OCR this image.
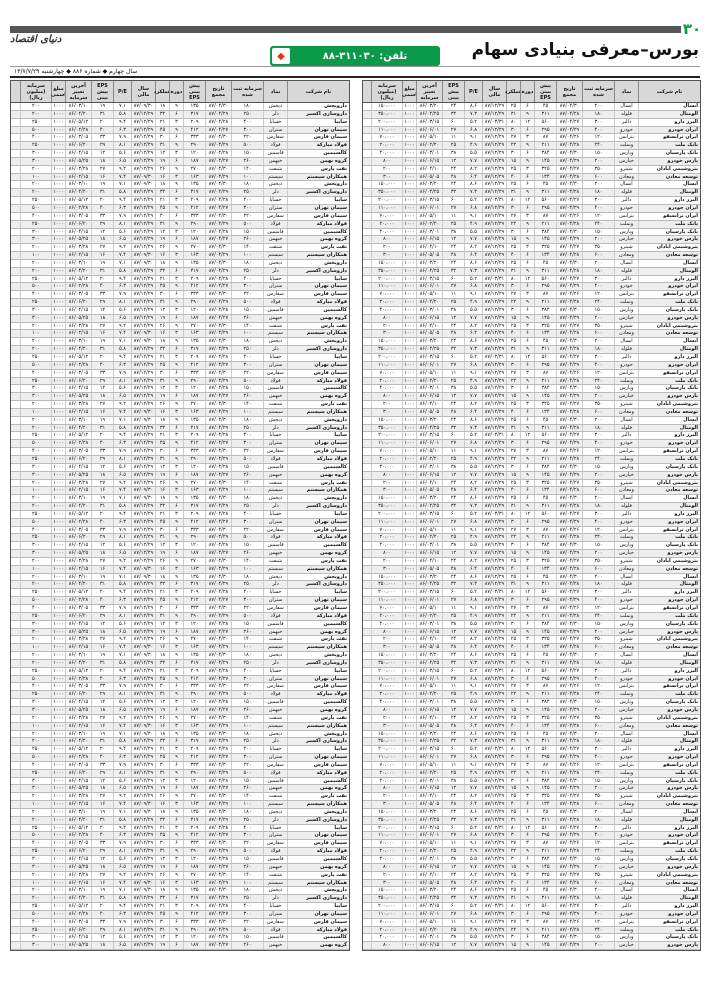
۳۰
دنیای اقتصاد
بورس–معرفی بنیادی سهام
◆	تلفن: ۳۱۱۰۳۰-۸۸
سال چهارم ◆ شماره ۸۸۶ ◆ چهارشنبه ۱۳/۷/۷/۲۹
نام شرکت
نماد
سرمایه ثبت شده
تاریخ مجمع
پیش بینی EPS
دوره
عملکرد
سال مالی
P/E
EPS پیش بینی
آخرین تغییر سرمایه
مبلغ اسمی
سرمایه (میلیون ریال)
آبسال
آبسال
۲۰۰
۸۷/۰۴/۳۰
۴۵
۶
۲۵
۸۷/۱۲/۲۹
۸.۶
۲۴
۸۶/۰۳/۲۰
۱۰۰۰
۱۵۰،۰۰۰
آلومتال
فلوله
۱۸۰
۸۷/۰۴/۲۸
۳۱۱
۹
۳۱
۸۷/۱۲/۲۹
۷.۳
۳۲
۸۶/۰۴/۲۵
۱۰۰۰
۳۵۰،۰۰۰
البرز دارو
دالبر
۳۰۰
۸۷/۰۴/۲۷
۵۶۰
۱۲
۸۰
۸۷/۰۳/۳۱
۵.۲
۶۰
۸۶/۰۳/۱۵
۱۰۰۰
۲۰۰،۰۰۰
ایران خودرو
خودرو
۴۰۰
۸۷/۰۴/۲۹
۲۹۵
۶
۳۰
۸۷/۱۲/۲۹
۶.۸
۲۷
۸۶/۰۶/۰۱
۱۰۰۰
۱۱۰،۰۰۰
ایران ترانسفو
بترانس
۱۲۰
۸۷/۰۴/۲۶
۸۷
۳
۲۷
۸۷/۱۲/۲۹
۹.۱
۱۱
۸۶/۰۵/۱۰
۱۰۰۰
۷۰،۰۰۰
بانک ملت
وبملت
۲۴۰
۸۷/۰۴/۲۸
۲۱۱
۹
۲۲
۸۷/۱۲/۲۹
۴.۹
۲۵
۸۶/۰۲/۲۰
۱۰۰۰
۲۰،۰۰۰
بانک پارسیان
وپارس
۱۵۰
۸۷/۰۴/۳۰
۳۸۴
۶
۳۰
۸۷/۱۲/۲۹
۵.۵
۳۸
۸۶/۰۳/۰۱
۱۰۰۰
۴۰،۰۰۰
پارس خودرو
خپارس
۲۰۰
۸۷/۰۴/۲۹
۱۴۵
۹
۱۵
۸۷/۱۲/۲۹
۷.۷
۱۲
۸۶/۰۶/۱۵
۱۰۰۰
۸۰۰
پتروشیمی آبادان
شپترو
۳۵۰
۸۷/۰۴/۲۷
۳۲۵
۳
۲۵
۸۷/۱۲/۲۹
۸.۲
۲۴
۸۶/۰۴/۱۰
۱۰۰۰
۲۰۰
توسعه معادن
ومعادن
۶۰۰
۸۷/۰۴/۲۸
۱۳۴
۶
۴۰
۸۷/۱۲/۲۹
۶.۴
۴۸
۸۶/۰۵/۰۵
۱۰۰۰
۳۰۰
آبسال
آبسال
۲۰۰
۸۷/۰۴/۳۰
۴۵
۶
۲۵
۸۷/۱۲/۲۹
۸.۶
۲۴
۸۶/۰۳/۲۰
۱۰۰۰
۱۵۰،۰۰۰
آلومتال
فلوله
۱۸۰
۸۷/۰۴/۲۸
۳۱۱
۹
۳۱
۸۷/۱۲/۲۹
۷.۳
۳۲
۸۶/۰۴/۲۵
۱۰۰۰
۳۵۰،۰۰۰
البرز دارو
دالبر
۳۰۰
۸۷/۰۴/۲۷
۵۶۰
۱۲
۸۰
۸۷/۰۳/۳۱
۵.۲
۶۰
۸۶/۰۳/۱۵
۱۰۰۰
۲۰۰،۰۰۰
ایران خودرو
خودرو
۴۰۰
۸۷/۰۴/۲۹
۲۹۵
۶
۳۰
۸۷/۱۲/۲۹
۶.۸
۲۷
۸۶/۰۶/۰۱
۱۰۰۰
۱۱۰،۰۰۰
ایران ترانسفو
بترانس
۱۲۰
۸۷/۰۴/۲۶
۸۷
۳
۲۷
۸۷/۱۲/۲۹
۹.۱
۱۱
۸۶/۰۵/۱۰
۱۰۰۰
۷۰،۰۰۰
بانک ملت
وبملت
۲۴۰
۸۷/۰۴/۲۸
۲۱۱
۹
۲۲
۸۷/۱۲/۲۹
۴.۹
۲۵
۸۶/۰۲/۲۰
۱۰۰۰
۲۰،۰۰۰
بانک پارسیان
وپارس
۱۵۰
۸۷/۰۴/۳۰
۳۸۴
۶
۳۰
۸۷/۱۲/۲۹
۵.۵
۳۸
۸۶/۰۳/۰۱
۱۰۰۰
۴۰،۰۰۰
پارس خودرو
خپارس
۲۰۰
۸۷/۰۴/۲۹
۱۴۵
۹
۱۵
۸۷/۱۲/۲۹
۷.۷
۱۲
۸۶/۰۶/۱۵
۱۰۰۰
۸۰۰
پتروشیمی آبادان
شپترو
۳۵۰
۸۷/۰۴/۲۷
۳۲۵
۳
۲۵
۸۷/۱۲/۲۹
۸.۲
۲۴
۸۶/۰۴/۱۰
۱۰۰۰
۲۰۰
توسعه معادن
ومعادن
۶۰۰
۸۷/۰۴/۲۸
۱۳۴
۶
۴۰
۸۷/۱۲/۲۹
۶.۴
۴۸
۸۶/۰۵/۰۵
۱۰۰۰
۳۰۰
آبسال
آبسال
۲۰۰
۸۷/۰۴/۳۰
۴۵
۶
۲۵
۸۷/۱۲/۲۹
۸.۶
۲۴
۸۶/۰۳/۲۰
۱۰۰۰
۱۵۰،۰۰۰
آلومتال
فلوله
۱۸۰
۸۷/۰۴/۲۸
۳۱۱
۹
۳۱
۸۷/۱۲/۲۹
۷.۳
۳۲
۸۶/۰۴/۲۵
۱۰۰۰
۳۵۰،۰۰۰
البرز دارو
دالبر
۳۰۰
۸۷/۰۴/۲۷
۵۶۰
۱۲
۸۰
۸۷/۰۳/۳۱
۵.۲
۶۰
۸۶/۰۳/۱۵
۱۰۰۰
۲۰۰،۰۰۰
ایران خودرو
خودرو
۴۰۰
۸۷/۰۴/۲۹
۲۹۵
۶
۳۰
۸۷/۱۲/۲۹
۶.۸
۲۷
۸۶/۰۶/۰۱
۱۰۰۰
۱۱۰،۰۰۰
ایران ترانسفو
بترانس
۱۲۰
۸۷/۰۴/۲۶
۸۷
۳
۲۷
۸۷/۱۲/۲۹
۹.۱
۱۱
۸۶/۰۵/۱۰
۱۰۰۰
۷۰،۰۰۰
بانک ملت
وبملت
۲۴۰
۸۷/۰۴/۲۸
۲۱۱
۹
۲۲
۸۷/۱۲/۲۹
۴.۹
۲۵
۸۶/۰۲/۲۰
۱۰۰۰
۲۰،۰۰۰
بانک پارسیان
وپارس
۱۵۰
۸۷/۰۴/۳۰
۳۸۴
۶
۳۰
۸۷/۱۲/۲۹
۵.۵
۳۸
۸۶/۰۳/۰۱
۱۰۰۰
۴۰،۰۰۰
پارس خودرو
خپارس
۲۰۰
۸۷/۰۴/۲۹
۱۴۵
۹
۱۵
۸۷/۱۲/۲۹
۷.۷
۱۲
۸۶/۰۶/۱۵
۱۰۰۰
۸۰۰
پتروشیمی آبادان
شپترو
۳۵۰
۸۷/۰۴/۲۷
۳۲۵
۳
۲۵
۸۷/۱۲/۲۹
۸.۲
۲۴
۸۶/۰۴/۱۰
۱۰۰۰
۲۰۰
توسعه معادن
ومعادن
۶۰۰
۸۷/۰۴/۲۸
۱۳۴
۶
۴۰
۸۷/۱۲/۲۹
۶.۴
۴۸
۸۶/۰۵/۰۵
۱۰۰۰
۳۰۰
آبسال
آبسال
۲۰۰
۸۷/۰۴/۳۰
۴۵
۶
۲۵
۸۷/۱۲/۲۹
۸.۶
۲۴
۸۶/۰۳/۲۰
۱۰۰۰
۱۵۰،۰۰۰
آلومتال
فلوله
۱۸۰
۸۷/۰۴/۲۸
۳۱۱
۹
۳۱
۸۷/۱۲/۲۹
۷.۳
۳۲
۸۶/۰۴/۲۵
۱۰۰۰
۳۵۰،۰۰۰
البرز دارو
دالبر
۳۰۰
۸۷/۰۴/۲۷
۵۶۰
۱۲
۸۰
۸۷/۰۳/۳۱
۵.۲
۶۰
۸۶/۰۳/۱۵
۱۰۰۰
۲۰۰،۰۰۰
ایران خودرو
خودرو
۴۰۰
۸۷/۰۴/۲۹
۲۹۵
۶
۳۰
۸۷/۱۲/۲۹
۶.۸
۲۷
۸۶/۰۶/۰۱
۱۰۰۰
۱۱۰،۰۰۰
ایران ترانسفو
بترانس
۱۲۰
۸۷/۰۴/۲۶
۸۷
۳
۲۷
۸۷/۱۲/۲۹
۹.۱
۱۱
۸۶/۰۵/۱۰
۱۰۰۰
۷۰،۰۰۰
بانک ملت
وبملت
۲۴۰
۸۷/۰۴/۲۸
۲۱۱
۹
۲۲
۸۷/۱۲/۲۹
۴.۹
۲۵
۸۶/۰۲/۲۰
۱۰۰۰
۲۰،۰۰۰
بانک پارسیان
وپارس
۱۵۰
۸۷/۰۴/۳۰
۳۸۴
۶
۳۰
۸۷/۱۲/۲۹
۵.۵
۳۸
۸۶/۰۳/۰۱
۱۰۰۰
۴۰،۰۰۰
پارس خودرو
خپارس
۲۰۰
۸۷/۰۴/۲۹
۱۴۵
۹
۱۵
۸۷/۱۲/۲۹
۷.۷
۱۲
۸۶/۰۶/۱۵
۱۰۰۰
۸۰۰
پتروشیمی آبادان
شپترو
۳۵۰
۸۷/۰۴/۲۷
۳۲۵
۳
۲۵
۸۷/۱۲/۲۹
۸.۲
۲۴
۸۶/۰۴/۱۰
۱۰۰۰
۲۰۰
توسعه معادن
ومعادن
۶۰۰
۸۷/۰۴/۲۸
۱۳۴
۶
۴۰
۸۷/۱۲/۲۹
۶.۴
۴۸
۸۶/۰۵/۰۵
۱۰۰۰
۳۰۰
آبسال
آبسال
۲۰۰
۸۷/۰۴/۳۰
۴۵
۶
۲۵
۸۷/۱۲/۲۹
۸.۶
۲۴
۸۶/۰۳/۲۰
۱۰۰۰
۱۵۰،۰۰۰
آلومتال
فلوله
۱۸۰
۸۷/۰۴/۲۸
۳۱۱
۹
۳۱
۸۷/۱۲/۲۹
۷.۳
۳۲
۸۶/۰۴/۲۵
۱۰۰۰
۳۵۰،۰۰۰
البرز دارو
دالبر
۳۰۰
۸۷/۰۴/۲۷
۵۶۰
۱۲
۸۰
۸۷/۰۳/۳۱
۵.۲
۶۰
۸۶/۰۳/۱۵
۱۰۰۰
۲۰۰،۰۰۰
ایران خودرو
خودرو
۴۰۰
۸۷/۰۴/۲۹
۲۹۵
۶
۳۰
۸۷/۱۲/۲۹
۶.۸
۲۷
۸۶/۰۶/۰۱
۱۰۰۰
۱۱۰،۰۰۰
ایران ترانسفو
بترانس
۱۲۰
۸۷/۰۴/۲۶
۸۷
۳
۲۷
۸۷/۱۲/۲۹
۹.۱
۱۱
۸۶/۰۵/۱۰
۱۰۰۰
۷۰،۰۰۰
بانک ملت
وبملت
۲۴۰
۸۷/۰۴/۲۸
۲۱۱
۹
۲۲
۸۷/۱۲/۲۹
۴.۹
۲۵
۸۶/۰۲/۲۰
۱۰۰۰
۲۰،۰۰۰
بانک پارسیان
وپارس
۱۵۰
۸۷/۰۴/۳۰
۳۸۴
۶
۳۰
۸۷/۱۲/۲۹
۵.۵
۳۸
۸۶/۰۳/۰۱
۱۰۰۰
۴۰،۰۰۰
پارس خودرو
خپارس
۲۰۰
۸۷/۰۴/۲۹
۱۴۵
۹
۱۵
۸۷/۱۲/۲۹
۷.۷
۱۲
۸۶/۰۶/۱۵
۱۰۰۰
۸۰۰
پتروشیمی آبادان
شپترو
۳۵۰
۸۷/۰۴/۲۷
۳۲۵
۳
۲۵
۸۷/۱۲/۲۹
۸.۲
۲۴
۸۶/۰۴/۱۰
۱۰۰۰
۲۰۰
توسعه معادن
ومعادن
۶۰۰
۸۷/۰۴/۲۸
۱۳۴
۶
۴۰
۸۷/۱۲/۲۹
۶.۴
۴۸
۸۶/۰۵/۰۵
۱۰۰۰
۳۰۰
آبسال
آبسال
۲۰۰
۸۷/۰۴/۳۰
۴۵
۶
۲۵
۸۷/۱۲/۲۹
۸.۶
۲۴
۸۶/۰۳/۲۰
۱۰۰۰
۱۵۰،۰۰۰
آلومتال
فلوله
۱۸۰
۸۷/۰۴/۲۸
۳۱۱
۹
۳۱
۸۷/۱۲/۲۹
۷.۳
۳۲
۸۶/۰۴/۲۵
۱۰۰۰
۳۵۰،۰۰۰
البرز دارو
دالبر
۳۰۰
۸۷/۰۴/۲۷
۵۶۰
۱۲
۸۰
۸۷/۰۳/۳۱
۵.۲
۶۰
۸۶/۰۳/۱۵
۱۰۰۰
۲۰۰،۰۰۰
ایران خودرو
خودرو
۴۰۰
۸۷/۰۴/۲۹
۲۹۵
۶
۳۰
۸۷/۱۲/۲۹
۶.۸
۲۷
۸۶/۰۶/۰۱
۱۰۰۰
۱۱۰،۰۰۰
ایران ترانسفو
بترانس
۱۲۰
۸۷/۰۴/۲۶
۸۷
۳
۲۷
۸۷/۱۲/۲۹
۹.۱
۱۱
۸۶/۰۵/۱۰
۱۰۰۰
۷۰،۰۰۰
بانک ملت
وبملت
۲۴۰
۸۷/۰۴/۲۸
۲۱۱
۹
۲۲
۸۷/۱۲/۲۹
۴.۹
۲۵
۸۶/۰۲/۲۰
۱۰۰۰
۲۰،۰۰۰
بانک پارسیان
وپارس
۱۵۰
۸۷/۰۴/۳۰
۳۸۴
۶
۳۰
۸۷/۱۲/۲۹
۵.۵
۳۸
۸۶/۰۳/۰۱
۱۰۰۰
۴۰،۰۰۰
پارس خودرو
خپارس
۲۰۰
۸۷/۰۴/۲۹
۱۴۵
۹
۱۵
۸۷/۱۲/۲۹
۷.۷
۱۲
۸۶/۰۶/۱۵
۱۰۰۰
۸۰۰
پتروشیمی آبادان
شپترو
۳۵۰
۸۷/۰۴/۲۷
۳۲۵
۳
۲۵
۸۷/۱۲/۲۹
۸.۲
۲۴
۸۶/۰۴/۱۰
۱۰۰۰
۲۰۰
توسعه معادن
ومعادن
۶۰۰
۸۷/۰۴/۲۸
۱۳۴
۶
۴۰
۸۷/۱۲/۲۹
۶.۴
۴۸
۸۶/۰۵/۰۵
۱۰۰۰
۳۰۰
آبسال
آبسال
۲۰۰
۸۷/۰۴/۳۰
۴۵
۶
۲۵
۸۷/۱۲/۲۹
۸.۶
۲۴
۸۶/۰۳/۲۰
۱۰۰۰
۱۵۰،۰۰۰
آلومتال
فلوله
۱۸۰
۸۷/۰۴/۲۸
۳۱۱
۹
۳۱
۸۷/۱۲/۲۹
۷.۳
۳۲
۸۶/۰۴/۲۵
۱۰۰۰
۳۵۰،۰۰۰
البرز دارو
دالبر
۳۰۰
۸۷/۰۴/۲۷
۵۶۰
۱۲
۸۰
۸۷/۰۳/۳۱
۵.۲
۶۰
۸۶/۰۳/۱۵
۱۰۰۰
۲۰۰،۰۰۰
ایران خودرو
خودرو
۴۰۰
۸۷/۰۴/۲۹
۲۹۵
۶
۳۰
۸۷/۱۲/۲۹
۶.۸
۲۷
۸۶/۰۶/۰۱
۱۰۰۰
۱۱۰،۰۰۰
ایران ترانسفو
بترانس
۱۲۰
۸۷/۰۴/۲۶
۸۷
۳
۲۷
۸۷/۱۲/۲۹
۹.۱
۱۱
۸۶/۰۵/۱۰
۱۰۰۰
۷۰،۰۰۰
بانک ملت
وبملت
۲۴۰
۸۷/۰۴/۲۸
۲۱۱
۹
۲۲
۸۷/۱۲/۲۹
۴.۹
۲۵
۸۶/۰۲/۲۰
۱۰۰۰
۲۰،۰۰۰
بانک پارسیان
وپارس
۱۵۰
۸۷/۰۴/۳۰
۳۸۴
۶
۳۰
۸۷/۱۲/۲۹
۵.۵
۳۸
۸۶/۰۳/۰۱
۱۰۰۰
۴۰،۰۰۰
پارس خودرو
خپارس
۲۰۰
۸۷/۰۴/۲۹
۱۴۵
۹
۱۵
۸۷/۱۲/۲۹
۷.۷
۱۲
۸۶/۰۶/۱۵
۱۰۰۰
۸۰۰
پتروشیمی آبادان
شپترو
۳۵۰
۸۷/۰۴/۲۷
۳۲۵
۳
۲۵
۸۷/۱۲/۲۹
۸.۲
۲۴
۸۶/۰۴/۱۰
۱۰۰۰
۲۰۰
توسعه معادن
ومعادن
۶۰۰
۸۷/۰۴/۲۸
۱۳۴
۶
۴۰
۸۷/۱۲/۲۹
۶.۴
۴۸
۸۶/۰۵/۰۵
۱۰۰۰
۳۰۰
آبسال
آبسال
۲۰۰
۸۷/۰۴/۳۰
۴۵
۶
۲۵
۸۷/۱۲/۲۹
۸.۶
۲۴
۸۶/۰۳/۲۰
۱۰۰۰
۱۵۰،۰۰۰
آلومتال
فلوله
۱۸۰
۸۷/۰۴/۲۸
۳۱۱
۹
۳۱
۸۷/۱۲/۲۹
۷.۳
۳۲
۸۶/۰۴/۲۵
۱۰۰۰
۳۵۰،۰۰۰
البرز دارو
دالبر
۳۰۰
۸۷/۰۴/۲۷
۵۶۰
۱۲
۸۰
۸۷/۰۳/۳۱
۵.۲
۶۰
۸۶/۰۳/۱۵
۱۰۰۰
۲۰۰،۰۰۰
ایران خودرو
خودرو
۴۰۰
۸۷/۰۴/۲۹
۲۹۵
۶
۳۰
۸۷/۱۲/۲۹
۶.۸
۲۷
۸۶/۰۶/۰۱
۱۰۰۰
۱۱۰،۰۰۰
ایران ترانسفو
بترانس
۱۲۰
۸۷/۰۴/۲۶
۸۷
۳
۲۷
۸۷/۱۲/۲۹
۹.۱
۱۱
۸۶/۰۵/۱۰
۱۰۰۰
۷۰،۰۰۰
بانک ملت
وبملت
۲۴۰
۸۷/۰۴/۲۸
۲۱۱
۹
۲۲
۸۷/۱۲/۲۹
۴.۹
۲۵
۸۶/۰۲/۲۰
۱۰۰۰
۲۰،۰۰۰
بانک پارسیان
وپارس
۱۵۰
۸۷/۰۴/۳۰
۳۸۴
۶
۳۰
۸۷/۱۲/۲۹
۵.۵
۳۸
۸۶/۰۳/۰۱
۱۰۰۰
۴۰،۰۰۰
پارس خودرو
خپارس
۲۰۰
۸۷/۰۴/۲۹
۱۴۵
۹
۱۵
۸۷/۱۲/۲۹
۷.۷
۱۲
۸۶/۰۶/۱۵
۱۰۰۰
۸۰۰
پتروشیمی آبادان
شپترو
۳۵۰
۸۷/۰۴/۲۷
۳۲۵
۳
۲۵
۸۷/۱۲/۲۹
۸.۲
۲۴
۸۶/۰۴/۱۰
۱۰۰۰
۲۰۰
توسعه معادن
ومعادن
۶۰۰
۸۷/۰۴/۲۸
۱۳۴
۶
۴۰
۸۷/۱۲/۲۹
۶.۴
۴۸
۸۶/۰۵/۰۵
۱۰۰۰
۳۰۰
آبسال
آبسال
۲۰۰
۸۷/۰۴/۳۰
۴۵
۶
۲۵
۸۷/۱۲/۲۹
۸.۶
۲۴
۸۶/۰۳/۲۰
۱۰۰۰
۱۵۰،۰۰۰
آلومتال
فلوله
۱۸۰
۸۷/۰۴/۲۸
۳۱۱
۹
۳۱
۸۷/۱۲/۲۹
۷.۳
۳۲
۸۶/۰۴/۲۵
۱۰۰۰
۳۵۰،۰۰۰
البرز دارو
دالبر
۳۰۰
۸۷/۰۴/۲۷
۵۶۰
۱۲
۸۰
۸۷/۰۳/۳۱
۵.۲
۶۰
۸۶/۰۳/۱۵
۱۰۰۰
۲۰۰،۰۰۰
ایران خودرو
خودرو
۴۰۰
۸۷/۰۴/۲۹
۲۹۵
۶
۳۰
۸۷/۱۲/۲۹
۶.۸
۲۷
۸۶/۰۶/۰۱
۱۰۰۰
۱۱۰،۰۰۰
ایران ترانسفو
بترانس
۱۲۰
۸۷/۰۴/۲۶
۸۷
۳
۲۷
۸۷/۱۲/۲۹
۹.۱
۱۱
۸۶/۰۵/۱۰
۱۰۰۰
۷۰،۰۰۰
بانک ملت
وبملت
۲۴۰
۸۷/۰۴/۲۸
۲۱۱
۹
۲۲
۸۷/۱۲/۲۹
۴.۹
۲۵
۸۶/۰۲/۲۰
۱۰۰۰
۲۰،۰۰۰
بانک پارسیان
وپارس
۱۵۰
۸۷/۰۴/۳۰
۳۸۴
۶
۳۰
۸۷/۱۲/۲۹
۵.۵
۳۸
۸۶/۰۳/۰۱
۱۰۰۰
۴۰،۰۰۰
پارس خودرو
خپارس
۲۰۰
۸۷/۰۴/۲۹
۱۴۵
۹
۱۵
۸۷/۱۲/۲۹
۷.۷
۱۲
۸۶/۰۶/۱۵
۱۰۰۰
۸۰۰
پتروشیمی آبادان
شپترو
۳۵۰
۸۷/۰۴/۲۷
۳۲۵
۳
۲۵
۸۷/۱۲/۲۹
۸.۲
۲۴
۸۶/۰۴/۱۰
۱۰۰۰
۲۰۰
توسعه معادن
ومعادن
۶۰۰
۸۷/۰۴/۲۸
۱۳۴
۶
۴۰
۸۷/۱۲/۲۹
۶.۴
۴۸
۸۶/۰۵/۰۵
۱۰۰۰
۳۰۰
آبسال
آبسال
۲۰۰
۸۷/۰۴/۳۰
۴۵
۶
۲۵
۸۷/۱۲/۲۹
۸.۶
۲۴
۸۶/۰۳/۲۰
۱۰۰۰
۱۵۰،۰۰۰
آلومتال
فلوله
۱۸۰
۸۷/۰۴/۲۸
۳۱۱
۹
۳۱
۸۷/۱۲/۲۹
۷.۳
۳۲
۸۶/۰۴/۲۵
۱۰۰۰
۳۵۰،۰۰۰
البرز دارو
دالبر
۳۰۰
۸۷/۰۴/۲۷
۵۶۰
۱۲
۸۰
۸۷/۰۳/۳۱
۵.۲
۶۰
۸۶/۰۳/۱۵
۱۰۰۰
۲۰۰،۰۰۰
ایران خودرو
خودرو
۴۰۰
۸۷/۰۴/۲۹
۲۹۵
۶
۳۰
۸۷/۱۲/۲۹
۶.۸
۲۷
۸۶/۰۶/۰۱
۱۰۰۰
۱۱۰،۰۰۰
ایران ترانسفو
بترانس
۱۲۰
۸۷/۰۴/۲۶
۸۷
۳
۲۷
۸۷/۱۲/۲۹
۹.۱
۱۱
۸۶/۰۵/۱۰
۱۰۰۰
۷۰،۰۰۰
بانک ملت
وبملت
۲۴۰
۸۷/۰۴/۲۸
۲۱۱
۹
۲۲
۸۷/۱۲/۲۹
۴.۹
۲۵
۸۶/۰۲/۲۰
۱۰۰۰
۲۰،۰۰۰
بانک پارسیان
وپارس
۱۵۰
۸۷/۰۴/۳۰
۳۸۴
۶
۳۰
۸۷/۱۲/۲۹
۵.۵
۳۸
۸۶/۰۳/۰۱
۱۰۰۰
۴۰،۰۰۰
پارس خودرو
خپارس
۲۰۰
۸۷/۰۴/۲۹
۱۴۵
۹
۱۵
۸۷/۱۲/۲۹
۷.۷
۱۲
۸۶/۰۶/۱۵
۱۰۰۰
۸۰۰
پتروشیمی آبادان
شپترو
۳۵۰
۸۷/۰۴/۲۷
۳۲۵
۳
۲۵
۸۷/۱۲/۲۹
۸.۲
۲۴
۸۶/۰۴/۱۰
۱۰۰۰
۲۰۰
توسعه معادن
ومعادن
۶۰۰
۸۷/۰۴/۲۸
۱۳۴
۶
۴۰
۸۷/۱۲/۲۹
۶.۴
۴۸
۸۶/۰۵/۰۵
۱۰۰۰
۳۰۰
آبسال
آبسال
۲۰۰
۸۷/۰۴/۳۰
۴۵
۶
۲۵
۸۷/۱۲/۲۹
۸.۶
۲۴
۸۶/۰۳/۲۰
۱۰۰۰
۱۵۰،۰۰۰
آلومتال
فلوله
۱۸۰
۸۷/۰۴/۲۸
۳۱۱
۹
۳۱
۸۷/۱۲/۲۹
۷.۳
۳۲
۸۶/۰۴/۲۵
۱۰۰۰
۳۵۰،۰۰۰
البرز دارو
دالبر
۳۰۰
۸۷/۰۴/۲۷
۵۶۰
۱۲
۸۰
۸۷/۰۳/۳۱
۵.۲
۶۰
۸۶/۰۳/۱۵
۱۰۰۰
۲۰۰،۰۰۰
ایران خودرو
خودرو
۴۰۰
۸۷/۰۴/۲۹
۲۹۵
۶
۳۰
۸۷/۱۲/۲۹
۶.۸
۲۷
۸۶/۰۶/۰۱
۱۰۰۰
۱۱۰،۰۰۰
ایران ترانسفو
بترانس
۱۲۰
۸۷/۰۴/۲۶
۸۷
۳
۲۷
۸۷/۱۲/۲۹
۹.۱
۱۱
۸۶/۰۵/۱۰
۱۰۰۰
۷۰،۰۰۰
بانک ملت
وبملت
۲۴۰
۸۷/۰۴/۲۸
۲۱۱
۹
۲۲
۸۷/۱۲/۲۹
۴.۹
۲۵
۸۶/۰۲/۲۰
۱۰۰۰
۲۰،۰۰۰
بانک پارسیان
وپارس
۱۵۰
۸۷/۰۴/۳۰
۳۸۴
۶
۳۰
۸۷/۱۲/۲۹
۵.۵
۳۸
۸۶/۰۳/۰۱
۱۰۰۰
۴۰،۰۰۰
پارس خودرو
خپارس
۲۰۰
۸۷/۰۴/۲۹
۱۴۵
۹
۱۵
۸۷/۱۲/۲۹
۷.۷
۱۲
۸۶/۰۶/۱۵
۱۰۰۰
۸۰۰
نام شرکت
نماد
سرمایه ثبت شده
تاریخ مجمع
پیش بینی EPS
دوره
عملکرد
سال مالی
P/E
EPS پیش بینی
آخرین تغییر سرمایه
مبلغ اسمی
سرمایه (میلیون ریال)
داروپخش
دپخش
۱۸۰
۸۷/۰۴/۳۰
۱۳۵
۹
۱۸
۸۷/۰۹/۳۰
۷.۱
۱۹
۸۶/۰۳/۱۰
۱۰۰۰
۲۰۰
داروسازی اکسیر
دلر
۲۵۰
۸۷/۰۴/۲۹
۳۱۷
۶
۳۲
۸۷/۱۲/۲۹
۵.۸
۳۱
۸۶/۰۴/۲۰
۱۰۰۰
۲۰۰
سایپا
خساپا
۴۰۰
۸۷/۰۴/۲۸
۲۰۹
۳
۲۱
۸۷/۱۲/۲۹
۹.۴
۲۰
۸۶/۰۵/۱۲
۱۰۰۰
۲۵۰
سیمان تهران
ستران
۳۰۰
۸۷/۰۴/۲۷
۴۱۲
۹
۴۵
۸۷/۱۲/۲۹
۶.۳
۴۰
۸۶/۰۲/۲۸
۱۰۰۰
۵۰۰
سیمان فارس
سفارس
۲۲۰
۸۷/۰۴/۳۰
۳۳۳
۶
۳۰
۸۷/۱۲/۲۹
۷.۹
۳۳
۸۶/۰۳/۰۵
۱۰۰۰
۴۰۰
فولاد مبارکه
فولاد
۵۰۰
۸۷/۰۴/۲۹
۲۹۰
۹
۳۱
۸۷/۱۲/۲۹
۸.۱
۲۹
۸۶/۰۶/۲۰
۱۰۰۰
۲۵۰
کالسیمین
فاسمین
۱۵۰
۸۷/۰۴/۲۸
۱۲۰
۳
۱۲
۸۷/۱۲/۲۹
۵.۶
۱۲
۸۶/۰۴/۱۵
۱۰۰۰
۳۰۰
گروه بهمن
خبهمن
۲۶۰
۸۷/۰۴/۲۷
۱۸۷
۶
۱۹
۸۷/۱۲/۲۹
۶.۵
۱۸
۸۶/۰۵/۲۵
۱۰۰۰
۳۰۰
نفت پارس
شنفت
۱۴۰
۸۷/۰۴/۳۰
۲۷۰
۹
۲۶
۸۷/۱۲/۲۹
۹.۲
۲۷
۸۶/۰۳/۲۸
۱۰۰۰
۲۰۰
همکاران سیستم
سیستم
۱۰۰
۸۷/۰۴/۲۹
۱۶۳
۳
۱۶
۸۷/۰۹/۳۰
۷.۴
۱۶
۸۶/۰۲/۱۵
۱۰۰۰
۱۰۰
داروپخش
دپخش
۱۸۰
۸۷/۰۴/۳۰
۱۳۵
۹
۱۸
۸۷/۰۹/۳۰
۷.۱
۱۹
۸۶/۰۳/۱۰
۱۰۰۰
۲۰۰
داروسازی اکسیر
دلر
۲۵۰
۸۷/۰۴/۲۹
۳۱۷
۶
۳۲
۸۷/۱۲/۲۹
۵.۸
۳۱
۸۶/۰۴/۲۰
۱۰۰۰
۲۰۰
سایپا
خساپا
۴۰۰
۸۷/۰۴/۲۸
۲۰۹
۳
۲۱
۸۷/۱۲/۲۹
۹.۴
۲۰
۸۶/۰۵/۱۲
۱۰۰۰
۲۵۰
سیمان تهران
ستران
۳۰۰
۸۷/۰۴/۲۷
۴۱۲
۹
۴۵
۸۷/۱۲/۲۹
۶.۳
۴۰
۸۶/۰۲/۲۸
۱۰۰۰
۵۰۰
سیمان فارس
سفارس
۲۲۰
۸۷/۰۴/۳۰
۳۳۳
۶
۳۰
۸۷/۱۲/۲۹
۷.۹
۳۳
۸۶/۰۳/۰۵
۱۰۰۰
۴۰۰
فولاد مبارکه
فولاد
۵۰۰
۸۷/۰۴/۲۹
۲۹۰
۹
۳۱
۸۷/۱۲/۲۹
۸.۱
۲۹
۸۶/۰۶/۲۰
۱۰۰۰
۲۵۰
کالسیمین
فاسمین
۱۵۰
۸۷/۰۴/۲۸
۱۲۰
۳
۱۲
۸۷/۱۲/۲۹
۵.۶
۱۲
۸۶/۰۴/۱۵
۱۰۰۰
۳۰۰
گروه بهمن
خبهمن
۲۶۰
۸۷/۰۴/۲۷
۱۸۷
۶
۱۹
۸۷/۱۲/۲۹
۶.۵
۱۸
۸۶/۰۵/۲۵
۱۰۰۰
۳۰۰
نفت پارس
شنفت
۱۴۰
۸۷/۰۴/۳۰
۲۷۰
۹
۲۶
۸۷/۱۲/۲۹
۹.۲
۲۷
۸۶/۰۳/۲۸
۱۰۰۰
۲۰۰
همکاران سیستم
سیستم
۱۰۰
۸۷/۰۴/۲۹
۱۶۳
۳
۱۶
۸۷/۰۹/۳۰
۷.۴
۱۶
۸۶/۰۲/۱۵
۱۰۰۰
۱۰۰
داروپخش
دپخش
۱۸۰
۸۷/۰۴/۳۰
۱۳۵
۹
۱۸
۸۷/۰۹/۳۰
۷.۱
۱۹
۸۶/۰۳/۱۰
۱۰۰۰
۲۰۰
داروسازی اکسیر
دلر
۲۵۰
۸۷/۰۴/۲۹
۳۱۷
۶
۳۲
۸۷/۱۲/۲۹
۵.۸
۳۱
۸۶/۰۴/۲۰
۱۰۰۰
۲۰۰
سایپا
خساپا
۴۰۰
۸۷/۰۴/۲۸
۲۰۹
۳
۲۱
۸۷/۱۲/۲۹
۹.۴
۲۰
۸۶/۰۵/۱۲
۱۰۰۰
۲۵۰
سیمان تهران
ستران
۳۰۰
۸۷/۰۴/۲۷
۴۱۲
۹
۴۵
۸۷/۱۲/۲۹
۶.۳
۴۰
۸۶/۰۲/۲۸
۱۰۰۰
۵۰۰
سیمان فارس
سفارس
۲۲۰
۸۷/۰۴/۳۰
۳۳۳
۶
۳۰
۸۷/۱۲/۲۹
۷.۹
۳۳
۸۶/۰۳/۰۵
۱۰۰۰
۴۰۰
فولاد مبارکه
فولاد
۵۰۰
۸۷/۰۴/۲۹
۲۹۰
۹
۳۱
۸۷/۱۲/۲۹
۸.۱
۲۹
۸۶/۰۶/۲۰
۱۰۰۰
۲۵۰
کالسیمین
فاسمین
۱۵۰
۸۷/۰۴/۲۸
۱۲۰
۳
۱۲
۸۷/۱۲/۲۹
۵.۶
۱۲
۸۶/۰۴/۱۵
۱۰۰۰
۳۰۰
گروه بهمن
خبهمن
۲۶۰
۸۷/۰۴/۲۷
۱۸۷
۶
۱۹
۸۷/۱۲/۲۹
۶.۵
۱۸
۸۶/۰۵/۲۵
۱۰۰۰
۳۰۰
نفت پارس
شنفت
۱۴۰
۸۷/۰۴/۳۰
۲۷۰
۹
۲۶
۸۷/۱۲/۲۹
۹.۲
۲۷
۸۶/۰۳/۲۸
۱۰۰۰
۲۰۰
همکاران سیستم
سیستم
۱۰۰
۸۷/۰۴/۲۹
۱۶۳
۳
۱۶
۸۷/۰۹/۳۰
۷.۴
۱۶
۸۶/۰۲/۱۵
۱۰۰۰
۱۰۰
داروپخش
دپخش
۱۸۰
۸۷/۰۴/۳۰
۱۳۵
۹
۱۸
۸۷/۰۹/۳۰
۷.۱
۱۹
۸۶/۰۳/۱۰
۱۰۰۰
۲۰۰
داروسازی اکسیر
دلر
۲۵۰
۸۷/۰۴/۲۹
۳۱۷
۶
۳۲
۸۷/۱۲/۲۹
۵.۸
۳۱
۸۶/۰۴/۲۰
۱۰۰۰
۲۰۰
سایپا
خساپا
۴۰۰
۸۷/۰۴/۲۸
۲۰۹
۳
۲۱
۸۷/۱۲/۲۹
۹.۴
۲۰
۸۶/۰۵/۱۲
۱۰۰۰
۲۵۰
سیمان تهران
ستران
۳۰۰
۸۷/۰۴/۲۷
۴۱۲
۹
۴۵
۸۷/۱۲/۲۹
۶.۳
۴۰
۸۶/۰۲/۲۸
۱۰۰۰
۵۰۰
سیمان فارس
سفارس
۲۲۰
۸۷/۰۴/۳۰
۳۳۳
۶
۳۰
۸۷/۱۲/۲۹
۷.۹
۳۳
۸۶/۰۳/۰۵
۱۰۰۰
۴۰۰
فولاد مبارکه
فولاد
۵۰۰
۸۷/۰۴/۲۹
۲۹۰
۹
۳۱
۸۷/۱۲/۲۹
۸.۱
۲۹
۸۶/۰۶/۲۰
۱۰۰۰
۲۵۰
کالسیمین
فاسمین
۱۵۰
۸۷/۰۴/۲۸
۱۲۰
۳
۱۲
۸۷/۱۲/۲۹
۵.۶
۱۲
۸۶/۰۴/۱۵
۱۰۰۰
۳۰۰
گروه بهمن
خبهمن
۲۶۰
۸۷/۰۴/۲۷
۱۸۷
۶
۱۹
۸۷/۱۲/۲۹
۶.۵
۱۸
۸۶/۰۵/۲۵
۱۰۰۰
۳۰۰
نفت پارس
شنفت
۱۴۰
۸۷/۰۴/۳۰
۲۷۰
۹
۲۶
۸۷/۱۲/۲۹
۹.۲
۲۷
۸۶/۰۳/۲۸
۱۰۰۰
۲۰۰
همکاران سیستم
سیستم
۱۰۰
۸۷/۰۴/۲۹
۱۶۳
۳
۱۶
۸۷/۰۹/۳۰
۷.۴
۱۶
۸۶/۰۲/۱۵
۱۰۰۰
۱۰۰
داروپخش
دپخش
۱۸۰
۸۷/۰۴/۳۰
۱۳۵
۹
۱۸
۸۷/۰۹/۳۰
۷.۱
۱۹
۸۶/۰۳/۱۰
۱۰۰۰
۲۰۰
داروسازی اکسیر
دلر
۲۵۰
۸۷/۰۴/۲۹
۳۱۷
۶
۳۲
۸۷/۱۲/۲۹
۵.۸
۳۱
۸۶/۰۴/۲۰
۱۰۰۰
۲۰۰
سایپا
خساپا
۴۰۰
۸۷/۰۴/۲۸
۲۰۹
۳
۲۱
۸۷/۱۲/۲۹
۹.۴
۲۰
۸۶/۰۵/۱۲
۱۰۰۰
۲۵۰
سیمان تهران
ستران
۳۰۰
۸۷/۰۴/۲۷
۴۱۲
۹
۴۵
۸۷/۱۲/۲۹
۶.۳
۴۰
۸۶/۰۲/۲۸
۱۰۰۰
۵۰۰
سیمان فارس
سفارس
۲۲۰
۸۷/۰۴/۳۰
۳۳۳
۶
۳۰
۸۷/۱۲/۲۹
۷.۹
۳۳
۸۶/۰۳/۰۵
۱۰۰۰
۴۰۰
فولاد مبارکه
فولاد
۵۰۰
۸۷/۰۴/۲۹
۲۹۰
۹
۳۱
۸۷/۱۲/۲۹
۸.۱
۲۹
۸۶/۰۶/۲۰
۱۰۰۰
۲۵۰
کالسیمین
فاسمین
۱۵۰
۸۷/۰۴/۲۸
۱۲۰
۳
۱۲
۸۷/۱۲/۲۹
۵.۶
۱۲
۸۶/۰۴/۱۵
۱۰۰۰
۳۰۰
گروه بهمن
خبهمن
۲۶۰
۸۷/۰۴/۲۷
۱۸۷
۶
۱۹
۸۷/۱۲/۲۹
۶.۵
۱۸
۸۶/۰۵/۲۵
۱۰۰۰
۳۰۰
نفت پارس
شنفت
۱۴۰
۸۷/۰۴/۳۰
۲۷۰
۹
۲۶
۸۷/۱۲/۲۹
۹.۲
۲۷
۸۶/۰۳/۲۸
۱۰۰۰
۲۰۰
همکاران سیستم
سیستم
۱۰۰
۸۷/۰۴/۲۹
۱۶۳
۳
۱۶
۸۷/۰۹/۳۰
۷.۴
۱۶
۸۶/۰۲/۱۵
۱۰۰۰
۱۰۰
داروپخش
دپخش
۱۸۰
۸۷/۰۴/۳۰
۱۳۵
۹
۱۸
۸۷/۰۹/۳۰
۷.۱
۱۹
۸۶/۰۳/۱۰
۱۰۰۰
۲۰۰
داروسازی اکسیر
دلر
۲۵۰
۸۷/۰۴/۲۹
۳۱۷
۶
۳۲
۸۷/۱۲/۲۹
۵.۸
۳۱
۸۶/۰۴/۲۰
۱۰۰۰
۲۰۰
سایپا
خساپا
۴۰۰
۸۷/۰۴/۲۸
۲۰۹
۳
۲۱
۸۷/۱۲/۲۹
۹.۴
۲۰
۸۶/۰۵/۱۲
۱۰۰۰
۲۵۰
سیمان تهران
ستران
۳۰۰
۸۷/۰۴/۲۷
۴۱۲
۹
۴۵
۸۷/۱۲/۲۹
۶.۳
۴۰
۸۶/۰۲/۲۸
۱۰۰۰
۵۰۰
سیمان فارس
سفارس
۲۲۰
۸۷/۰۴/۳۰
۳۳۳
۶
۳۰
۸۷/۱۲/۲۹
۷.۹
۳۳
۸۶/۰۳/۰۵
۱۰۰۰
۴۰۰
فولاد مبارکه
فولاد
۵۰۰
۸۷/۰۴/۲۹
۲۹۰
۹
۳۱
۸۷/۱۲/۲۹
۸.۱
۲۹
۸۶/۰۶/۲۰
۱۰۰۰
۲۵۰
کالسیمین
فاسمین
۱۵۰
۸۷/۰۴/۲۸
۱۲۰
۳
۱۲
۸۷/۱۲/۲۹
۵.۶
۱۲
۸۶/۰۴/۱۵
۱۰۰۰
۳۰۰
گروه بهمن
خبهمن
۲۶۰
۸۷/۰۴/۲۷
۱۸۷
۶
۱۹
۸۷/۱۲/۲۹
۶.۵
۱۸
۸۶/۰۵/۲۵
۱۰۰۰
۳۰۰
نفت پارس
شنفت
۱۴۰
۸۷/۰۴/۳۰
۲۷۰
۹
۲۶
۸۷/۱۲/۲۹
۹.۲
۲۷
۸۶/۰۳/۲۸
۱۰۰۰
۲۰۰
همکاران سیستم
سیستم
۱۰۰
۸۷/۰۴/۲۹
۱۶۳
۳
۱۶
۸۷/۰۹/۳۰
۷.۴
۱۶
۸۶/۰۲/۱۵
۱۰۰۰
۱۰۰
داروپخش
دپخش
۱۸۰
۸۷/۰۴/۳۰
۱۳۵
۹
۱۸
۸۷/۰۹/۳۰
۷.۱
۱۹
۸۶/۰۳/۱۰
۱۰۰۰
۲۰۰
داروسازی اکسیر
دلر
۲۵۰
۸۷/۰۴/۲۹
۳۱۷
۶
۳۲
۸۷/۱۲/۲۹
۵.۸
۳۱
۸۶/۰۴/۲۰
۱۰۰۰
۲۰۰
سایپا
خساپا
۴۰۰
۸۷/۰۴/۲۸
۲۰۹
۳
۲۱
۸۷/۱۲/۲۹
۹.۴
۲۰
۸۶/۰۵/۱۲
۱۰۰۰
۲۵۰
سیمان تهران
ستران
۳۰۰
۸۷/۰۴/۲۷
۴۱۲
۹
۴۵
۸۷/۱۲/۲۹
۶.۳
۴۰
۸۶/۰۲/۲۸
۱۰۰۰
۵۰۰
سیمان فارس
سفارس
۲۲۰
۸۷/۰۴/۳۰
۳۳۳
۶
۳۰
۸۷/۱۲/۲۹
۷.۹
۳۳
۸۶/۰۳/۰۵
۱۰۰۰
۴۰۰
فولاد مبارکه
فولاد
۵۰۰
۸۷/۰۴/۲۹
۲۹۰
۹
۳۱
۸۷/۱۲/۲۹
۸.۱
۲۹
۸۶/۰۶/۲۰
۱۰۰۰
۲۵۰
کالسیمین
فاسمین
۱۵۰
۸۷/۰۴/۲۸
۱۲۰
۳
۱۲
۸۷/۱۲/۲۹
۵.۶
۱۲
۸۶/۰۴/۱۵
۱۰۰۰
۳۰۰
گروه بهمن
خبهمن
۲۶۰
۸۷/۰۴/۲۷
۱۸۷
۶
۱۹
۸۷/۱۲/۲۹
۶.۵
۱۸
۸۶/۰۵/۲۵
۱۰۰۰
۳۰۰
نفت پارس
شنفت
۱۴۰
۸۷/۰۴/۳۰
۲۷۰
۹
۲۶
۸۷/۱۲/۲۹
۹.۲
۲۷
۸۶/۰۳/۲۸
۱۰۰۰
۲۰۰
همکاران سیستم
سیستم
۱۰۰
۸۷/۰۴/۲۹
۱۶۳
۳
۱۶
۸۷/۰۹/۳۰
۷.۴
۱۶
۸۶/۰۲/۱۵
۱۰۰۰
۱۰۰
داروپخش
دپخش
۱۸۰
۸۷/۰۴/۳۰
۱۳۵
۹
۱۸
۸۷/۰۹/۳۰
۷.۱
۱۹
۸۶/۰۳/۱۰
۱۰۰۰
۲۰۰
داروسازی اکسیر
دلر
۲۵۰
۸۷/۰۴/۲۹
۳۱۷
۶
۳۲
۸۷/۱۲/۲۹
۵.۸
۳۱
۸۶/۰۴/۲۰
۱۰۰۰
۲۰۰
سایپا
خساپا
۴۰۰
۸۷/۰۴/۲۸
۲۰۹
۳
۲۱
۸۷/۱۲/۲۹
۹.۴
۲۰
۸۶/۰۵/۱۲
۱۰۰۰
۲۵۰
سیمان تهران
ستران
۳۰۰
۸۷/۰۴/۲۷
۴۱۲
۹
۴۵
۸۷/۱۲/۲۹
۶.۳
۴۰
۸۶/۰۲/۲۸
۱۰۰۰
۵۰۰
سیمان فارس
سفارس
۲۲۰
۸۷/۰۴/۳۰
۳۳۳
۶
۳۰
۸۷/۱۲/۲۹
۷.۹
۳۳
۸۶/۰۳/۰۵
۱۰۰۰
۴۰۰
فولاد مبارکه
فولاد
۵۰۰
۸۷/۰۴/۲۹
۲۹۰
۹
۳۱
۸۷/۱۲/۲۹
۸.۱
۲۹
۸۶/۰۶/۲۰
۱۰۰۰
۲۵۰
کالسیمین
فاسمین
۱۵۰
۸۷/۰۴/۲۸
۱۲۰
۳
۱۲
۸۷/۱۲/۲۹
۵.۶
۱۲
۸۶/۰۴/۱۵
۱۰۰۰
۳۰۰
گروه بهمن
خبهمن
۲۶۰
۸۷/۰۴/۲۷
۱۸۷
۶
۱۹
۸۷/۱۲/۲۹
۶.۵
۱۸
۸۶/۰۵/۲۵
۱۰۰۰
۳۰۰
نفت پارس
شنفت
۱۴۰
۸۷/۰۴/۳۰
۲۷۰
۹
۲۶
۸۷/۱۲/۲۹
۹.۲
۲۷
۸۶/۰۳/۲۸
۱۰۰۰
۲۰۰
همکاران سیستم
سیستم
۱۰۰
۸۷/۰۴/۲۹
۱۶۳
۳
۱۶
۸۷/۰۹/۳۰
۷.۴
۱۶
۸۶/۰۲/۱۵
۱۰۰۰
۱۰۰
داروپخش
دپخش
۱۸۰
۸۷/۰۴/۳۰
۱۳۵
۹
۱۸
۸۷/۰۹/۳۰
۷.۱
۱۹
۸۶/۰۳/۱۰
۱۰۰۰
۲۰۰
داروسازی اکسیر
دلر
۲۵۰
۸۷/۰۴/۲۹
۳۱۷
۶
۳۲
۸۷/۱۲/۲۹
۵.۸
۳۱
۸۶/۰۴/۲۰
۱۰۰۰
۲۰۰
سایپا
خساپا
۴۰۰
۸۷/۰۴/۲۸
۲۰۹
۳
۲۱
۸۷/۱۲/۲۹
۹.۴
۲۰
۸۶/۰۵/۱۲
۱۰۰۰
۲۵۰
سیمان تهران
ستران
۳۰۰
۸۷/۰۴/۲۷
۴۱۲
۹
۴۵
۸۷/۱۲/۲۹
۶.۳
۴۰
۸۶/۰۲/۲۸
۱۰۰۰
۵۰۰
سیمان فارس
سفارس
۲۲۰
۸۷/۰۴/۳۰
۳۳۳
۶
۳۰
۸۷/۱۲/۲۹
۷.۹
۳۳
۸۶/۰۳/۰۵
۱۰۰۰
۴۰۰
فولاد مبارکه
فولاد
۵۰۰
۸۷/۰۴/۲۹
۲۹۰
۹
۳۱
۸۷/۱۲/۲۹
۸.۱
۲۹
۸۶/۰۶/۲۰
۱۰۰۰
۲۵۰
کالسیمین
فاسمین
۱۵۰
۸۷/۰۴/۲۸
۱۲۰
۳
۱۲
۸۷/۱۲/۲۹
۵.۶
۱۲
۸۶/۰۴/۱۵
۱۰۰۰
۳۰۰
گروه بهمن
خبهمن
۲۶۰
۸۷/۰۴/۲۷
۱۸۷
۶
۱۹
۸۷/۱۲/۲۹
۶.۵
۱۸
۸۶/۰۵/۲۵
۱۰۰۰
۳۰۰
نفت پارس
شنفت
۱۴۰
۸۷/۰۴/۳۰
۲۷۰
۹
۲۶
۸۷/۱۲/۲۹
۹.۲
۲۷
۸۶/۰۳/۲۸
۱۰۰۰
۲۰۰
همکاران سیستم
سیستم
۱۰۰
۸۷/۰۴/۲۹
۱۶۳
۳
۱۶
۸۷/۰۹/۳۰
۷.۴
۱۶
۸۶/۰۲/۱۵
۱۰۰۰
۱۰۰
داروپخش
دپخش
۱۸۰
۸۷/۰۴/۳۰
۱۳۵
۹
۱۸
۸۷/۰۹/۳۰
۷.۱
۱۹
۸۶/۰۳/۱۰
۱۰۰۰
۲۰۰
داروسازی اکسیر
دلر
۲۵۰
۸۷/۰۴/۲۹
۳۱۷
۶
۳۲
۸۷/۱۲/۲۹
۵.۸
۳۱
۸۶/۰۴/۲۰
۱۰۰۰
۲۰۰
سایپا
خساپا
۴۰۰
۸۷/۰۴/۲۸
۲۰۹
۳
۲۱
۸۷/۱۲/۲۹
۹.۴
۲۰
۸۶/۰۵/۱۲
۱۰۰۰
۲۵۰
سیمان تهران
ستران
۳۰۰
۸۷/۰۴/۲۷
۴۱۲
۹
۴۵
۸۷/۱۲/۲۹
۶.۳
۴۰
۸۶/۰۲/۲۸
۱۰۰۰
۵۰۰
سیمان فارس
سفارس
۲۲۰
۸۷/۰۴/۳۰
۳۳۳
۶
۳۰
۸۷/۱۲/۲۹
۷.۹
۳۳
۸۶/۰۳/۰۵
۱۰۰۰
۴۰۰
فولاد مبارکه
فولاد
۵۰۰
۸۷/۰۴/۲۹
۲۹۰
۹
۳۱
۸۷/۱۲/۲۹
۸.۱
۲۹
۸۶/۰۶/۲۰
۱۰۰۰
۲۵۰
کالسیمین
فاسمین
۱۵۰
۸۷/۰۴/۲۸
۱۲۰
۳
۱۲
۸۷/۱۲/۲۹
۵.۶
۱۲
۸۶/۰۴/۱۵
۱۰۰۰
۳۰۰
گروه بهمن
خبهمن
۲۶۰
۸۷/۰۴/۲۷
۱۸۷
۶
۱۹
۸۷/۱۲/۲۹
۶.۵
۱۸
۸۶/۰۵/۲۵
۱۰۰۰
۳۰۰
نفت پارس
شنفت
۱۴۰
۸۷/۰۴/۳۰
۲۷۰
۹
۲۶
۸۷/۱۲/۲۹
۹.۲
۲۷
۸۶/۰۳/۲۸
۱۰۰۰
۲۰۰
همکاران سیستم
سیستم
۱۰۰
۸۷/۰۴/۲۹
۱۶۳
۳
۱۶
۸۷/۰۹/۳۰
۷.۴
۱۶
۸۶/۰۲/۱۵
۱۰۰۰
۱۰۰
داروپخش
دپخش
۱۸۰
۸۷/۰۴/۳۰
۱۳۵
۹
۱۸
۸۷/۰۹/۳۰
۷.۱
۱۹
۸۶/۰۳/۱۰
۱۰۰۰
۲۰۰
داروسازی اکسیر
دلر
۲۵۰
۸۷/۰۴/۲۹
۳۱۷
۶
۳۲
۸۷/۱۲/۲۹
۵.۸
۳۱
۸۶/۰۴/۲۰
۱۰۰۰
۲۰۰
سایپا
خساپا
۴۰۰
۸۷/۰۴/۲۸
۲۰۹
۳
۲۱
۸۷/۱۲/۲۹
۹.۴
۲۰
۸۶/۰۵/۱۲
۱۰۰۰
۲۵۰
سیمان تهران
ستران
۳۰۰
۸۷/۰۴/۲۷
۴۱۲
۹
۴۵
۸۷/۱۲/۲۹
۶.۳
۴۰
۸۶/۰۲/۲۸
۱۰۰۰
۵۰۰
سیمان فارس
سفارس
۲۲۰
۸۷/۰۴/۳۰
۳۳۳
۶
۳۰
۸۷/۱۲/۲۹
۷.۹
۳۳
۸۶/۰۳/۰۵
۱۰۰۰
۴۰۰
فولاد مبارکه
فولاد
۵۰۰
۸۷/۰۴/۲۹
۲۹۰
۹
۳۱
۸۷/۱۲/۲۹
۸.۱
۲۹
۸۶/۰۶/۲۰
۱۰۰۰
۲۵۰
کالسیمین
فاسمین
۱۵۰
۸۷/۰۴/۲۸
۱۲۰
۳
۱۲
۸۷/۱۲/۲۹
۵.۶
۱۲
۸۶/۰۴/۱۵
۱۰۰۰
۳۰۰
گروه بهمن
خبهمن
۲۶۰
۸۷/۰۴/۲۷
۱۸۷
۶
۱۹
۸۷/۱۲/۲۹
۶.۵
۱۸
۸۶/۰۵/۲۵
۱۰۰۰
۳۰۰
